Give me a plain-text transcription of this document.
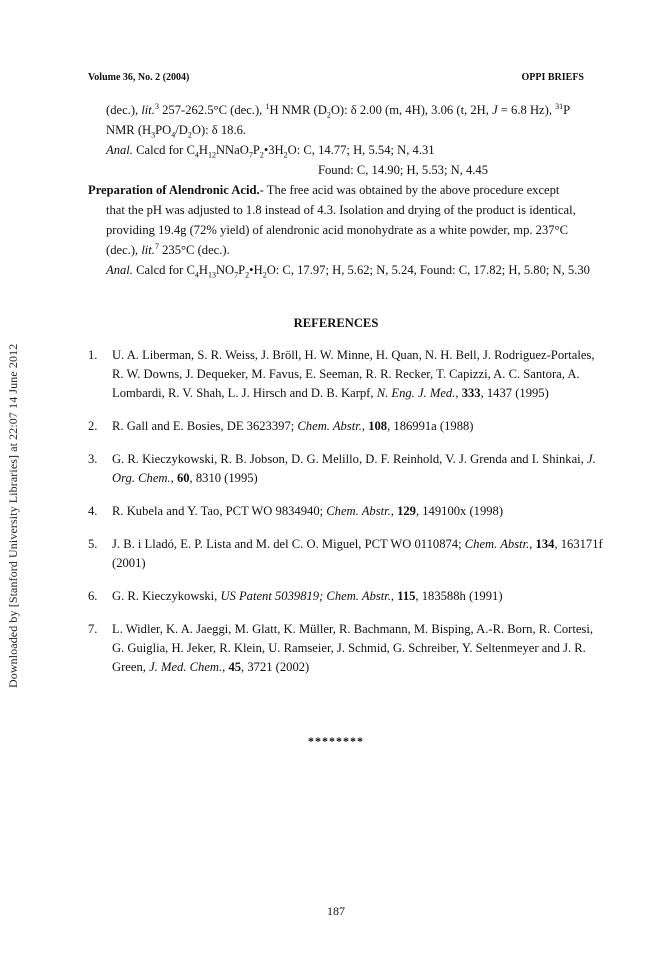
Volume 36, No. 2 (2004)	OPPI BRIEFS
Downloaded by [Stanford University Libraries] at 22:07 14 June 2012
(dec.), lit.$^3$ 257-262.5°C (dec.), $^1$H NMR $(D_2O)$: δ 2.00 (m, 4H), 3.06 (t, 2H, J = 6.8 Hz), $^{31}$P
NMR $(H_3PO_4/D_2O)$: δ 18.6.
Anal. Calcd for $C_4H_{12}NNaO_7P_2•3H_2O$: C, 14.77; H, 5.54; N, 4.31
Found: C, 14.90; H, 5.53; N, 4.45
Preparation of Alendronic Acid.- The free acid was obtained by the above procedure except
that the pH was adjusted to 1.8 instead of 4.3. Isolation and drying of the product is identical,
providing 19.4g (72% yield) of alendronic acid monohydrate as a white powder, mp. 237°C
(dec.), lit.$^7$ 235°C (dec.).
Anal. Calcd for $C_4H_{13}NO_7P_2•H_2O$: C, 17.97; H, 5.62; N, 5.24, Found: C, 17.82; H, 5.80; N, 5.30
REFERENCES
1.	U. A. Liberman, S. R. Weiss, J. Bröll, H. W. Minne, H. Quan, N. H. Bell, J. Rodriguez-Portales, R. W. Downs, J. Dequeker, M. Favus, E. Seeman, R. R. Recker, T. Capizzi, A. C. Santora, A. Lombardi, R. V. Shah, L. J. Hirsch and D. B. Karpf, N. Eng. J. Med., 333, 1437 (1995)
2.	R. Gall and E. Bosies, DE 3623397; Chem. Abstr., 108, 186991a (1988)
3.	G. R. Kieczykowski, R. B. Jobson, D. G. Melillo, D. F. Reinhold, V. J. Grenda and I. Shinkai, J. Org. Chem., 60, 8310 (1995)
4.	R. Kubela and Y. Tao, PCT WO 9834940; Chem. Abstr., 129, 149100x (1998)
5.	J. B. i Lladó, E. P. Lista and M. del C. O. Miguel, PCT WO 0110874; Chem. Abstr., 134, 163171f (2001)
6.	G. R. Kieczykowski, US Patent 5039819; Chem. Abstr., 115, 183588h (1991)
7.	L. Widler, K. A. Jaeggi, M. Glatt, K. Müller, R. Bachmann, M. Bisping, A.-R. Born, R. Cortesi, G. Guiglia, H. Jeker, R. Klein, U. Ramseier, J. Schmid, G. Schreiber, Y. Seltenmeyer and J. R. Green, J. Med. Chem., 45, 3721 (2002)
********
187
